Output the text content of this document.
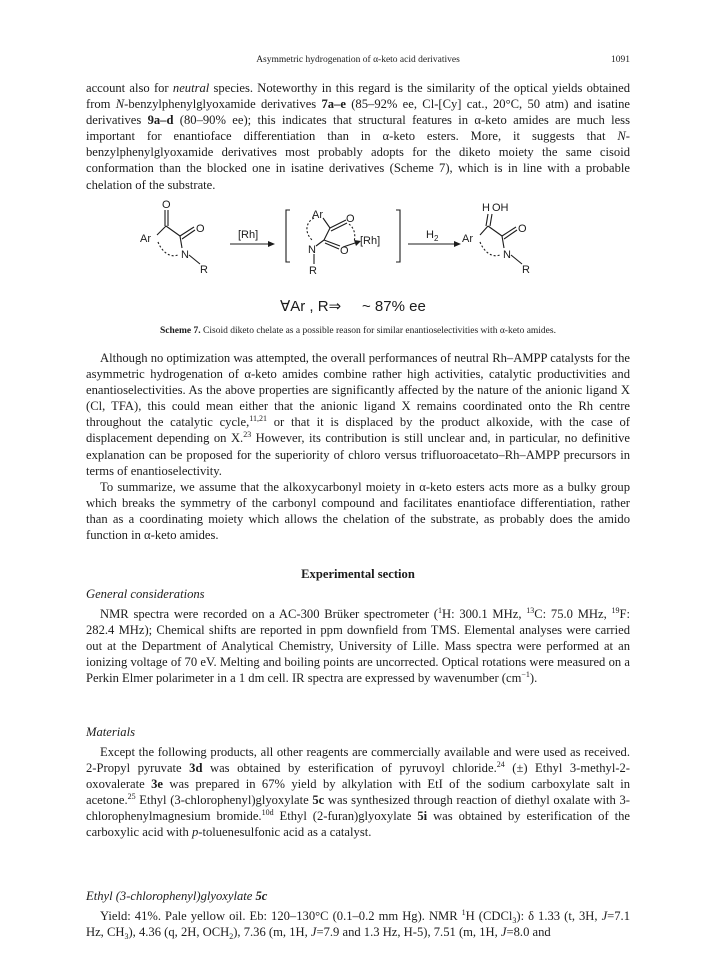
Asymmetric hydrogenation of α-keto acid derivatives	1091

account also for neutral species. Noteworthy in this regard is the similarity of the optical yields obtained from N-benzylphenylglyoxamide derivatives 7a–e (85–92% ee, Cl-[Cy] cat., 20°C, 50 atm) and isatine derivatives 9a–d (80–90% ee); this indicates that structural features in α-keto amides are much less important for enantioface differentiation than in α-keto esters. More, it suggests that N-benzylphenylglyoxamide derivatives most probably adopts for the diketo moiety the same cisoid conformation than the blocked one in isatine derivatives (Scheme 7), which is in line with a probable chelation of the substrate.

O
O
Ar
N
R
[Rh]
Ar O
O
N
R
[Rh]	$H_2$
H OH
O
Ar
N
R
∀Ar , R⇒ ~ 87% ee
Scheme 7. Cisoid diketo chelate as a possible reason for similar enantioselectivities with α-keto amides.

Although no optimization was attempted, the overall performances of neutral Rh–AMPP catalysts for the asymmetric hydrogenation of α-keto amides combine rather high activities, catalytic productivities and enantioselectivities. As the above properties are significantly affected by the nature of the anionic ligand X (Cl, TFA), this could mean either that the anionic ligand X remains coordinated onto the Rh centre throughout the catalytic cycle,$^{11,21}$ or that it is displaced by the product alkoxide, with the case of displacement depending on X.$^{23}$ However, its contribution is still unclear and, in particular, no definitive explanation can be proposed for the superiority of chloro versus trifluoroacetato–Rh–AMPP precursors in terms of enantioselectivity.

To summarize, we assume that the alkoxycarbonyl moiety in α-keto esters acts more as a bulky group which breaks the symmetry of the carbonyl compound and facilitates enantioface differentiation, rather than as a coordinating moiety which allows the chelation of the substrate, as probably does the amido function in α-keto amides.

Experimental section
General considerations

NMR spectra were recorded on a AC-300 Brüker spectrometer ($^1$H: 300.1 MHz, $^{13}$C: 75.0 MHz, $^{19}$F: 282.4 MHz); Chemical shifts are reported in ppm downfield from TMS. Elemental analyses were carried out at the Department of Analytical Chemistry, University of Lille. Mass spectra were performed at an ionizing voltage of 70 eV. Melting and boiling points are uncorrected. Optical rotations were measured on a Perkin Elmer polarimeter in a 1 dm cell. IR spectra are expressed by wavenumber $(cm^{-1})$.

Materials

Except the following products, all other reagents are commercially available and were used as received. 2-Propyl pyruvate 3d was obtained by esterification of pyruvoyl chloride.$^{24}$ (±) Ethyl 3-methyl-2-oxovalerate 3e was prepared in 67% yield by alkylation with EtI of the sodium carboxylate salt in acetone.$^{25}$ Ethyl (3-chlorophenyl)glyoxylate 5c was synthesized through reaction of diethyl oxalate with 3-chlorophenylmagnesium bromide.$^{10d}$ Ethyl (2-furan)glyoxylate 5i was obtained by esterification of the carboxylic acid with p-toluenesulfonic acid as a catalyst.

Ethyl (3-chlorophenyl)glyoxylate 5c

Yield: 41%. Pale yellow oil. Eb: 120–130°C (0.1–0.2 mm Hg). NMR $^1$H (CDCl$_3$): δ 1.33 (t, 3H, J=7.1 Hz, $CH_3$), 4.36 (q, 2H, $OCH_2$), 7.36 (m, 1H, J=7.9 and 1.3 Hz, H-5), 7.51 (m, 1H, J=8.0 and
